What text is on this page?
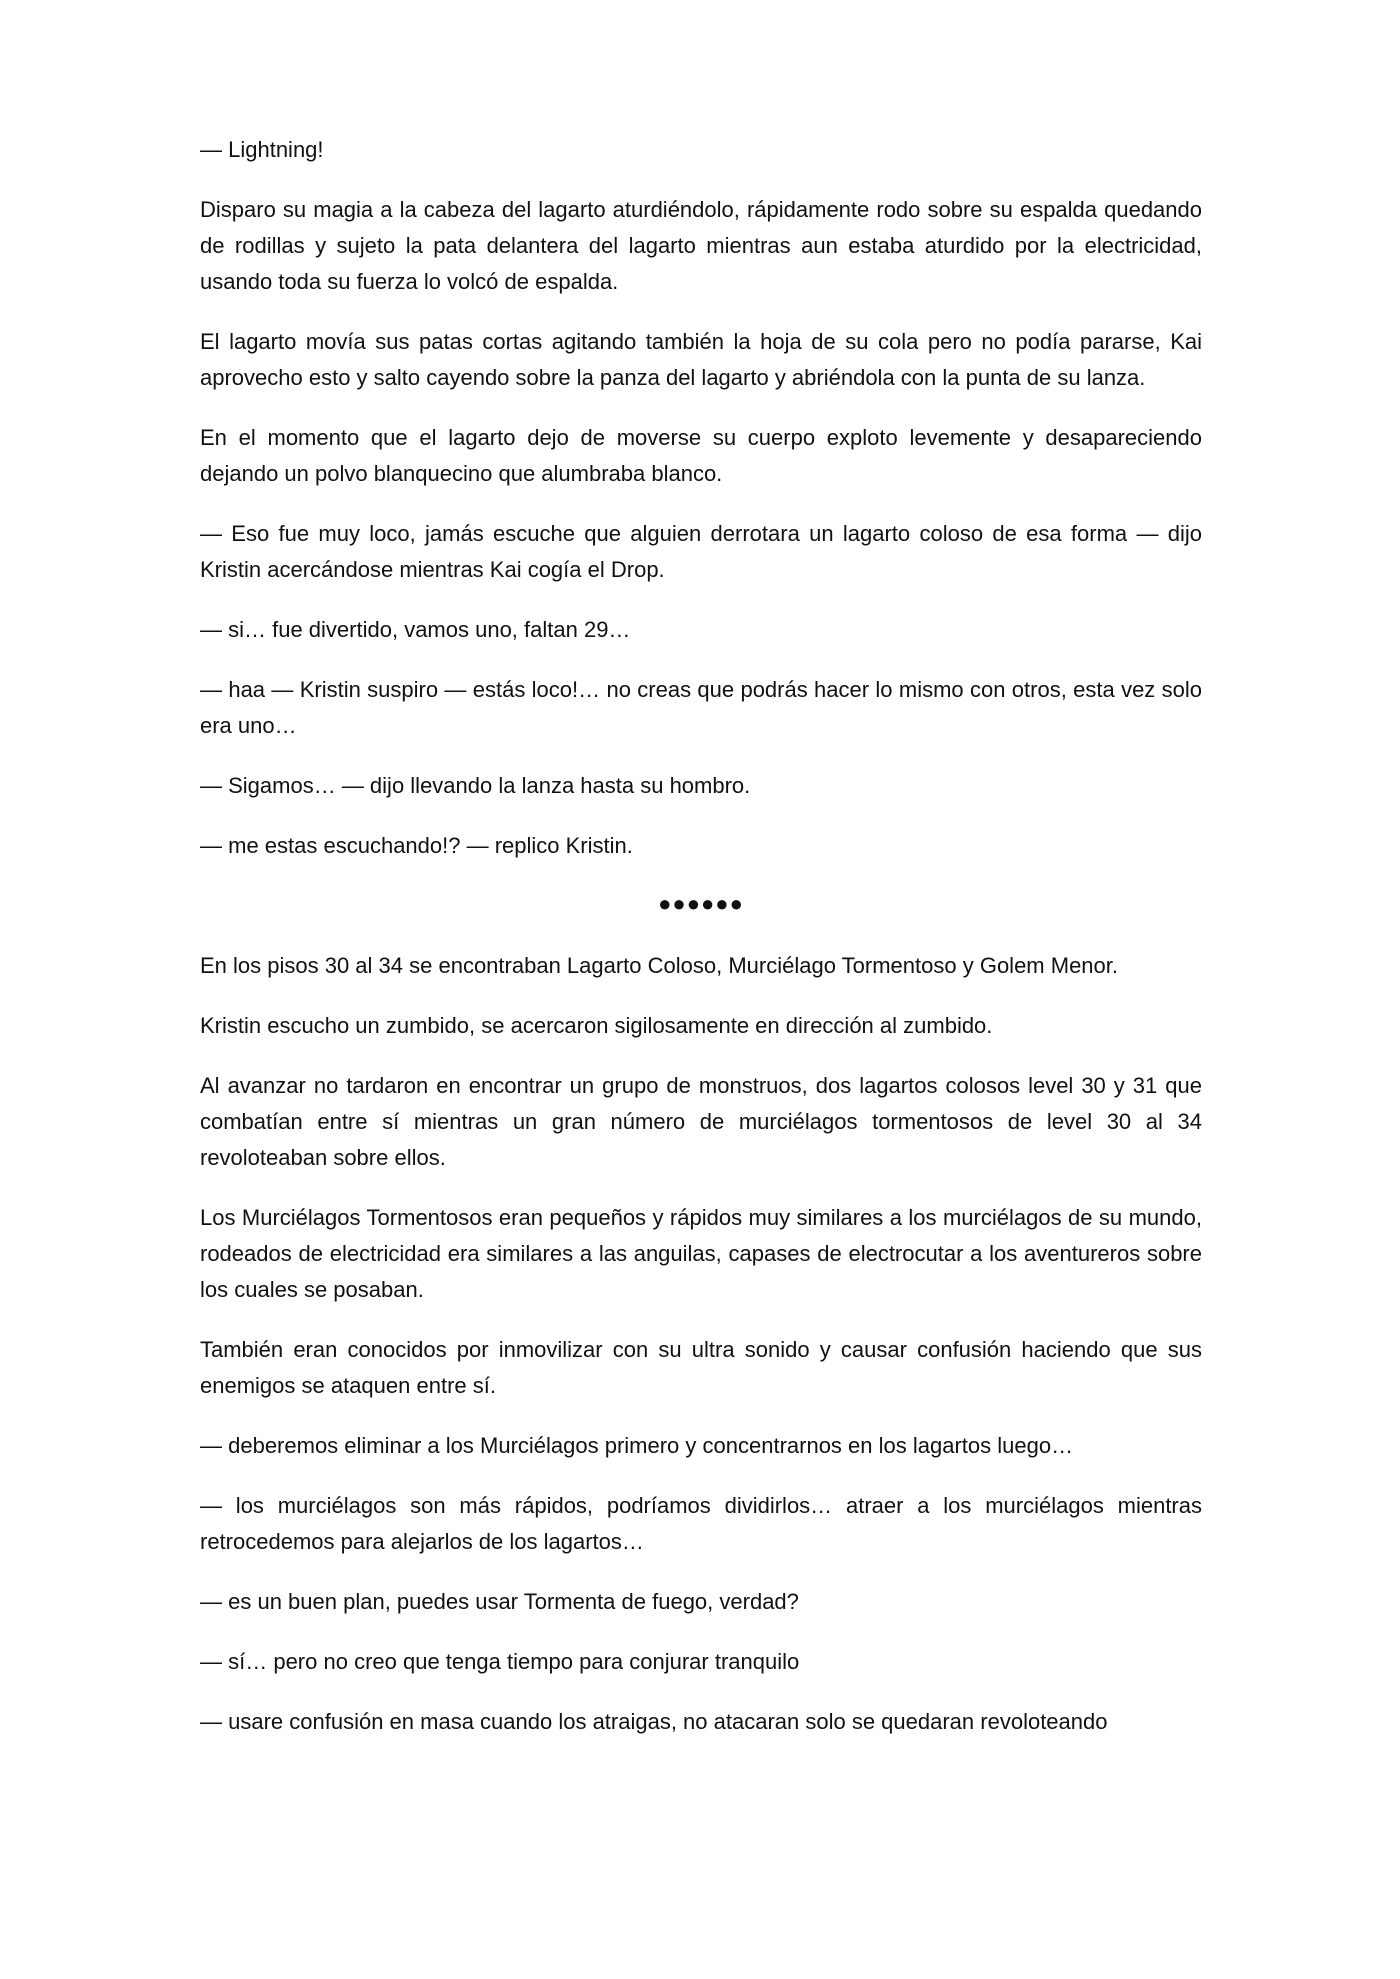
— Lightning!

Disparo su magia a la cabeza del lagarto aturdiéndolo, rápidamente rodo sobre su espalda quedando de rodillas y sujeto la pata delantera del lagarto mientras aun estaba aturdido por la electricidad, usando toda su fuerza lo volcó de espalda.

El lagarto movía sus patas cortas agitando también la hoja de su cola pero no podía pararse, Kai aprovecho esto y salto cayendo sobre la panza del lagarto y abriéndola con la punta de su lanza.

En el momento que el lagarto dejo de moverse su cuerpo exploto levemente y desapareciendo dejando un polvo blanquecino que alumbraba blanco.

— Eso fue muy loco, jamás escuche que alguien derrotara un lagarto coloso de esa forma — dijo Kristin acercándose mientras Kai cogía el Drop.

— si… fue divertido, vamos uno, faltan 29…

— haa — Kristin suspiro — estás loco!… no creas que podrás hacer lo mismo con otros, esta vez solo era uno…

— Sigamos… — dijo llevando la lanza hasta su hombro.

— me estas escuchando!? — replico Kristin.

●●●●●●

En los pisos 30 al 34 se encontraban Lagarto Coloso, Murciélago Tormentoso y Golem Menor.

Kristin escucho un zumbido, se acercaron sigilosamente en dirección al zumbido.

Al avanzar no tardaron en encontrar un grupo de monstruos, dos lagartos colosos level 30 y 31 que combatían entre sí mientras un gran número de murciélagos tormentosos de level 30 al 34 revoloteaban sobre ellos.

Los Murciélagos Tormentosos eran pequeños y rápidos muy similares a los murciélagos de su mundo, rodeados de electricidad era similares a las anguilas, capases de electrocutar a los aventureros sobre los cuales se posaban.

También eran conocidos por inmovilizar con su ultra sonido y causar confusión haciendo que sus enemigos se ataquen entre sí.

— deberemos eliminar a los Murciélagos primero y concentrarnos en los lagartos luego…

— los murciélagos son más rápidos, podríamos dividirlos… atraer a los murciélagos mientras retrocedemos para alejarlos de los lagartos…

— es un buen plan, puedes usar Tormenta de fuego, verdad?

— sí… pero no creo que tenga tiempo para conjurar tranquilo

— usare confusión en masa cuando los atraigas, no atacaran solo se quedaran revoloteando
